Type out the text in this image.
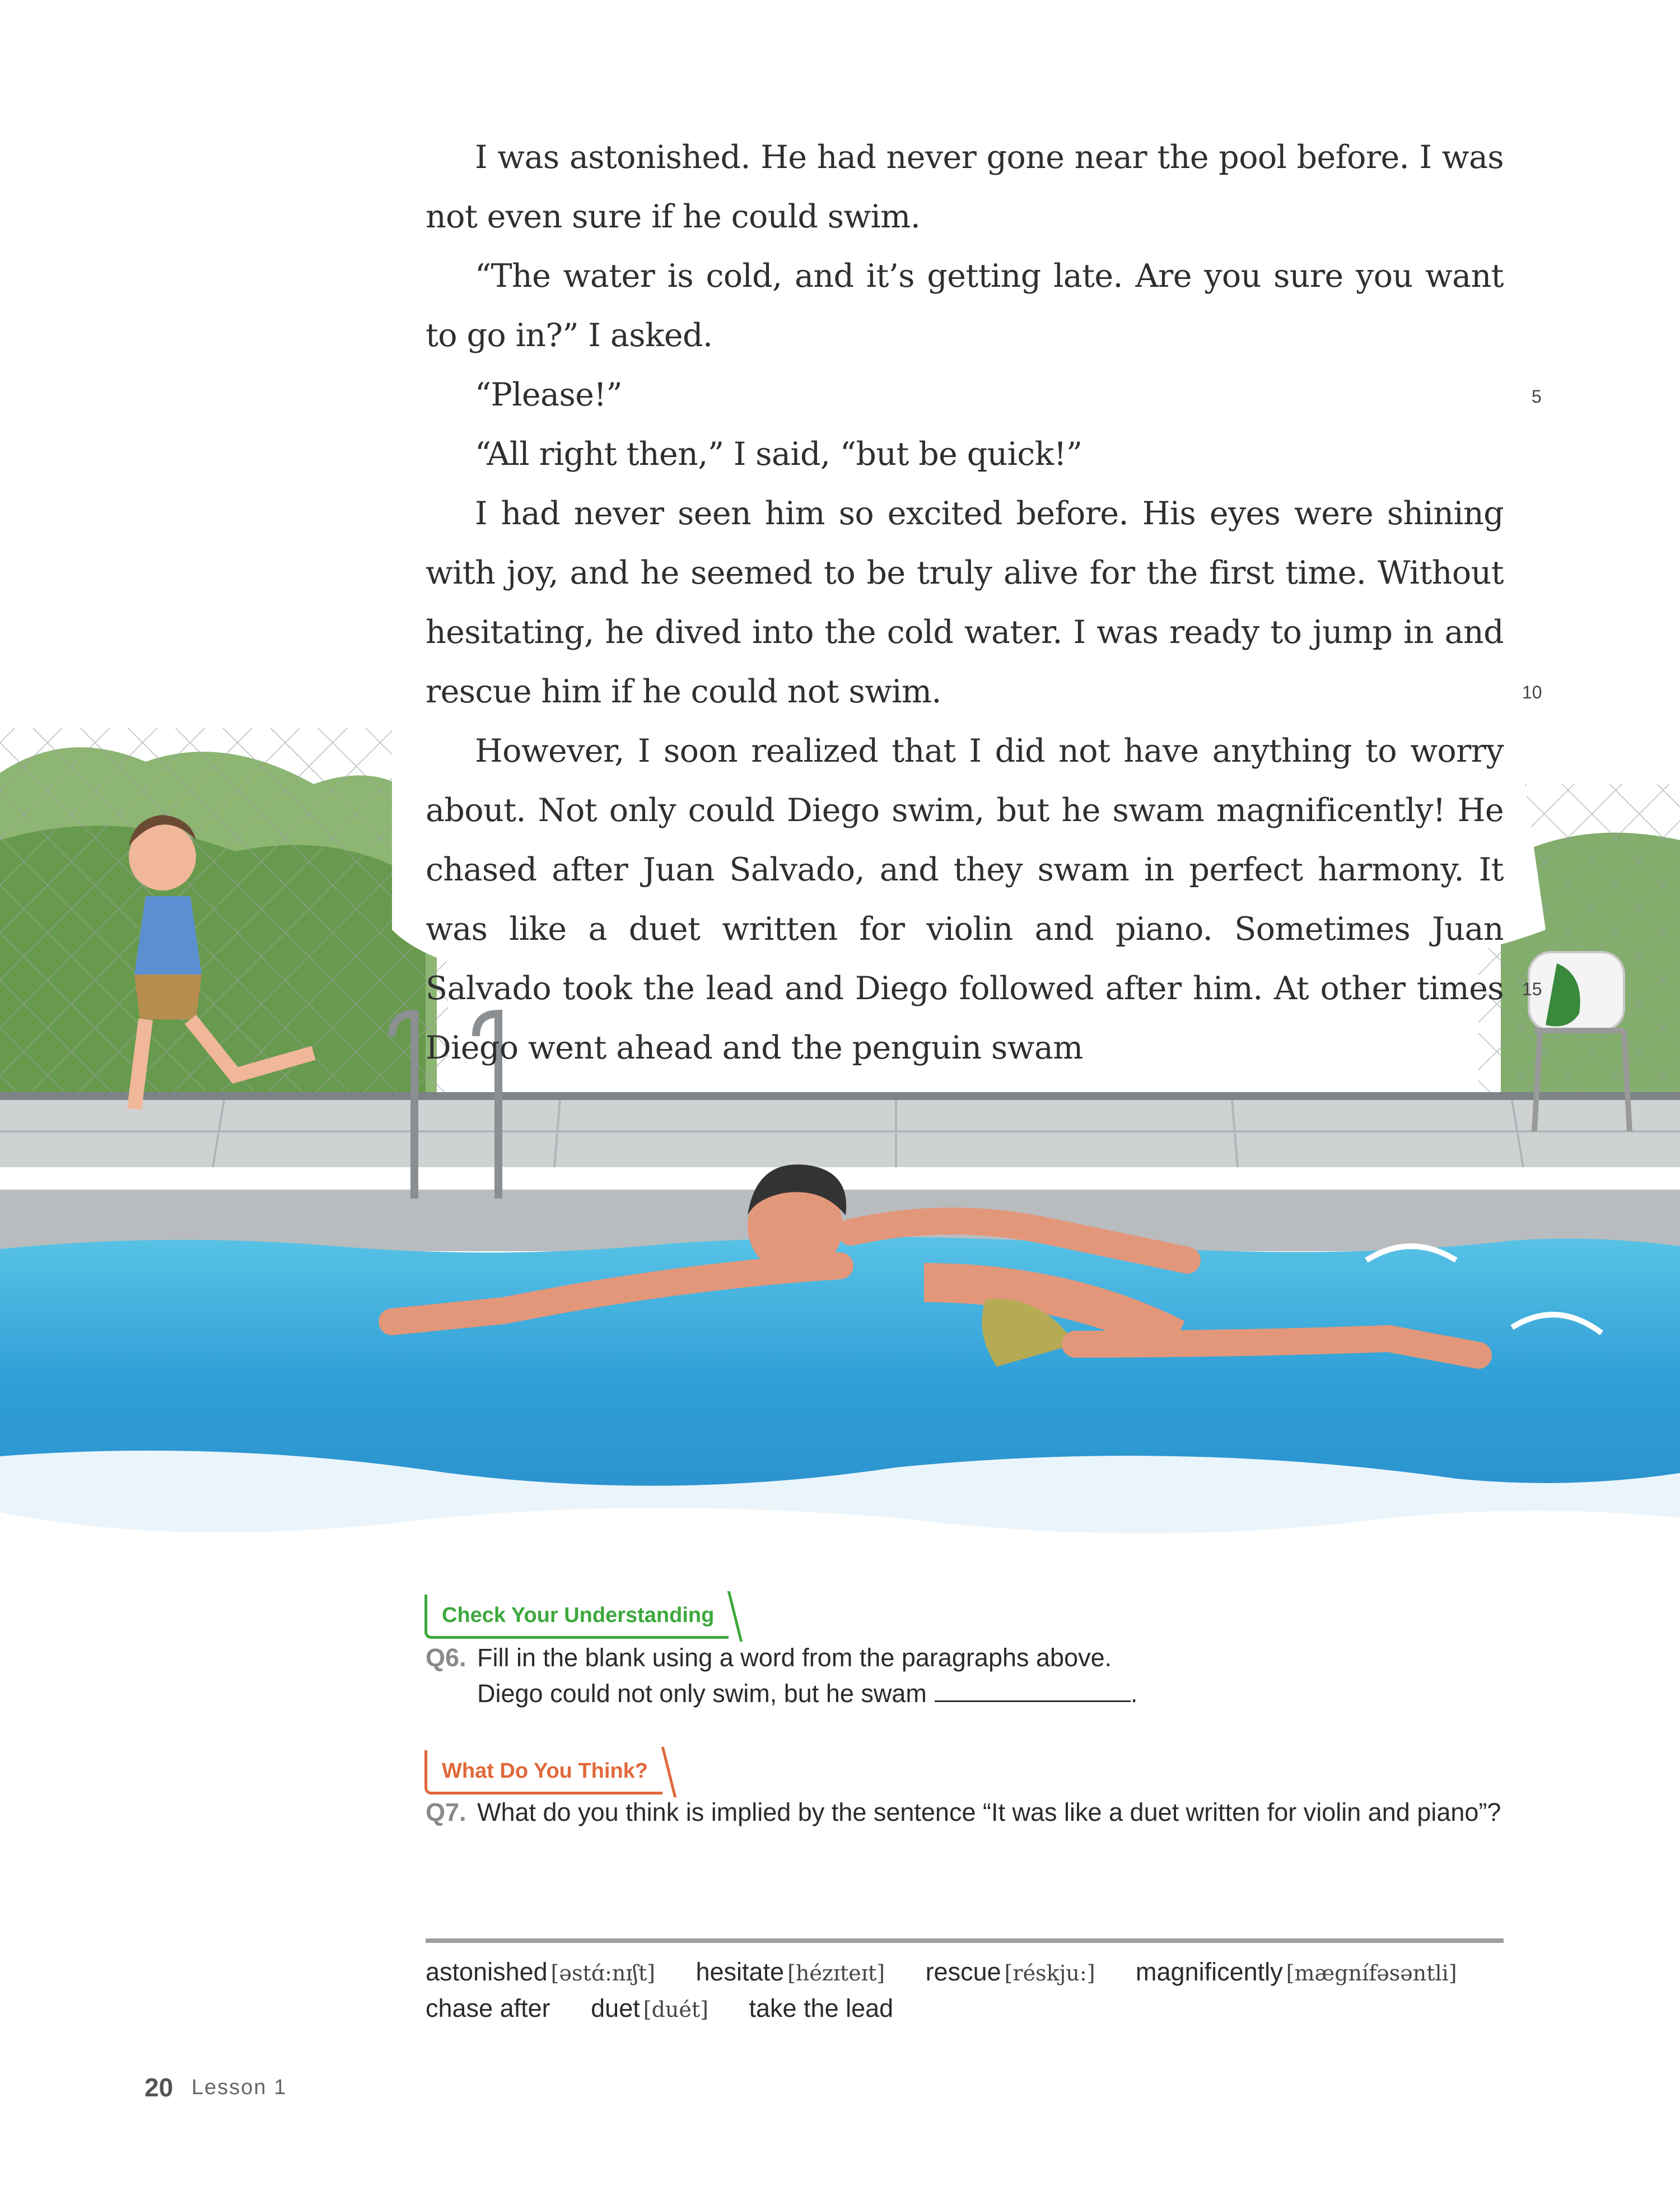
I was astonished. He had never gone near the pool before. I was not even sure if he could swim.

“The water is cold, and it’s getting late. Are you sure you want to go in?” I asked.

“Please!”

“All right then,” I said, “but be quick!”

I had never seen him so excited before. His eyes were shining with joy, and he seemed to be truly alive for the first time. Without hesitating, he dived into the cold water. I was ready to jump in and rescue him if he could not swim.

However, I soon realized that I did not have anything to worry about. Not only could Diego swim, but he swam magnificently! He chased after Juan Salvado, and they swam in perfect harmony. It was like a duet written for violin and piano. Sometimes Juan Salvado took the lead and Diego followed after him. At other times Diego went ahead and the penguin swam

5
10
15
Check Your Understanding
Q6. Fill in the blank using a word from the paragraphs above.
Diego could not only swim, but he swam	.
What Do You Think?
Q7. What do you think is implied by the sentence “It was like a duet written for violin and piano”?
astonished [əstɑ́:nɪʃt] hesitate [hézɪteɪt] rescue [réskju:] magnificently [mægnífəsəntli]
chase after duet [duét] take the lead
20 Lesson 1
